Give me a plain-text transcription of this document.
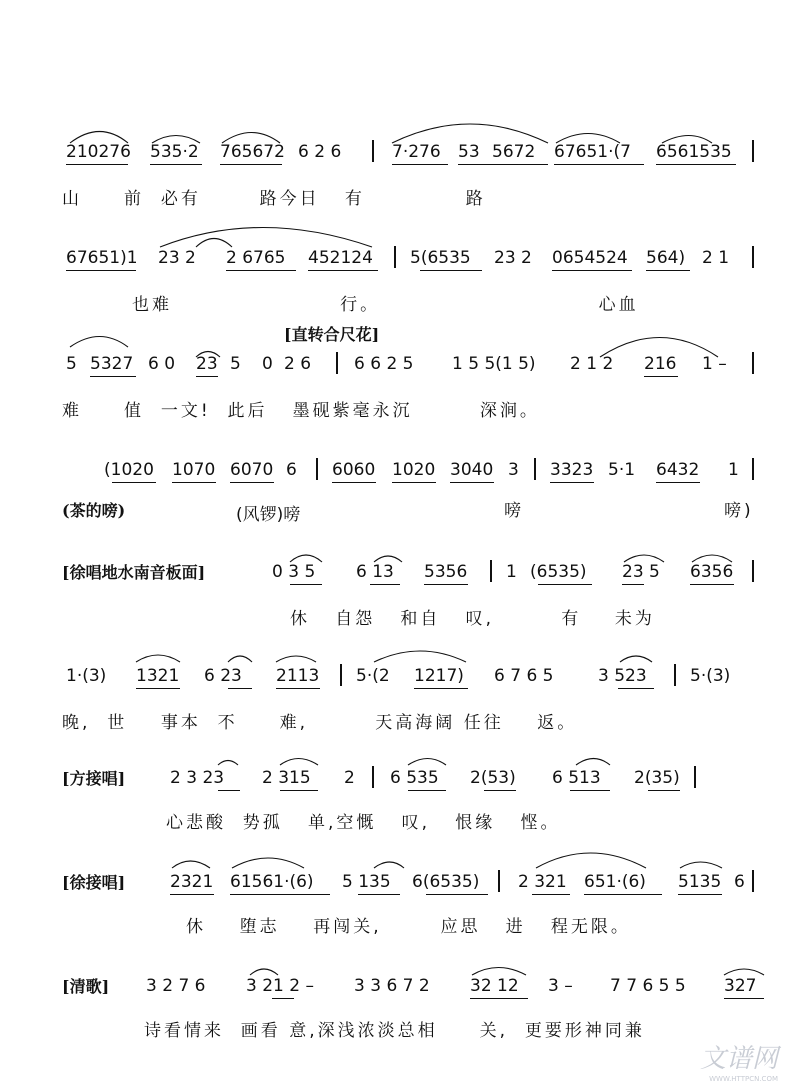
210276 535·2 765672 6 2 6	7·276 53 5672 67651·(7 6561535
山     前  必有       路今日   有            路
67651)1 23 2 2 6765 452124 5(6535 23 2 0654524 564) 2 1
也难                    行。                          心血
[直转合尺花]
5 5327 6 0 23 5 0 2 6	6 6 2 5 1 5 5(1 5) 2 1 2 216 1 –
难     值  一文!  此后   墨砚紫毫永沉        深涧。
(1020 1070 6070 6 6060 1020 3040 3 3323 5·1 6432 1
(茶的嗙)	(风锣)嗙	嗙	嗙)
[徐唱地水南音板面]	0 3 5 6 13 5356 1 (6535) 23 5 6356
休   自怨   和自   叹,        有    未为
1·(3) 1321 6 23 2113 5·(2 1217) 6 7 6 5	3 523	5·(3)
晚,  世    事本  不     难,        天高海阔 任往    返。
[方接唱]	2 3 23 2 315 2 6 535 2(53) 6 513 2(35)
心悲酸  势孤   单,空慨   叹,   恨缘   悭。
[徐接唱]	2321 61561·(6) 5 135 6(6535) 2 321 651·(6) 5135 6
休    堕志    再闯关,       应思   进   程无限。
[清歌] 3 2 7 6 3 21 2 – 3 3 6 7 2 32 12 3 – 7 7 6 5 5 327
诗看情来  画看 意,深浅浓淡总相     关,  更要形神同兼
文谱网
WWW.HTTPCN.COM
